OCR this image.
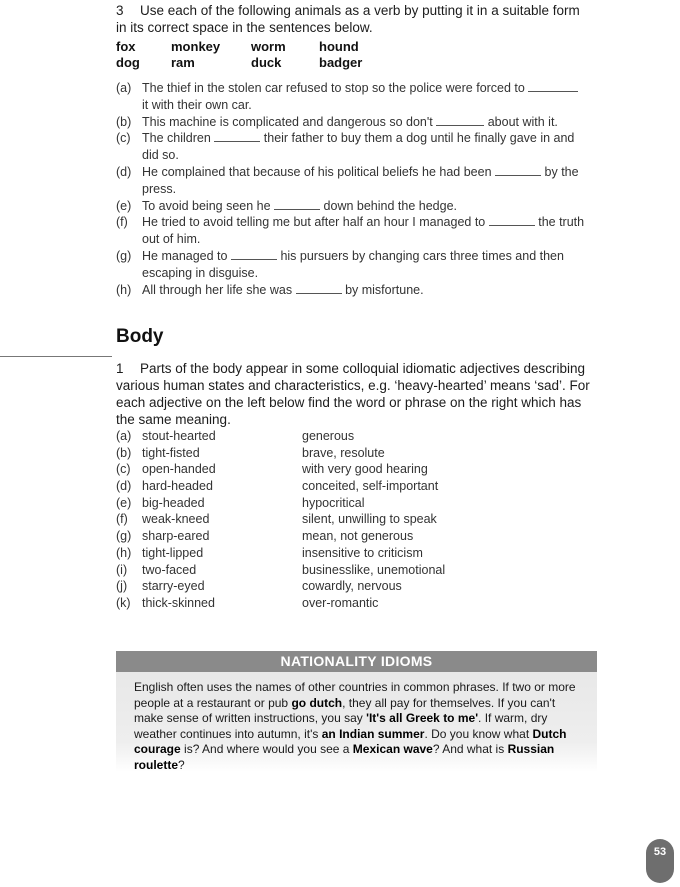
3 Use each of the following animals as a verb by putting it in a suitable form in its correct space in the sentences below.
fox	monkey	worm	hound
dog	ram	duck	badger
(a) The thief in the stolen car refused to stop so the police were forced to
it with their own car.
(b) This machine is complicated and dangerous so don't	about with it.
(c) The children	their father to buy them a dog until he finally gave in and did so.
(d) He complained that because of his political beliefs he had been	by the press.
(e) To avoid being seen he	down behind the hedge.
(f)	He tried to avoid telling me but after half an hour I managed to	the truth out of him.
(g) He managed to	his pursuers by changing cars three times and then escaping in disguise.
(h) All through her life she was	by misfortune.
Body
1 Parts of the body appear in some colloquial idiomatic adjectives describing various human states and characteristics, e.g. ‘heavy-hearted’ means ‘sad’. For each adjective on the left below find the word or phrase on the right which has the same meaning.
(a) stout-hearted	generous
(b) tight-fisted	brave, resolute
(c) open-handed	with very good hearing
(d) hard-headed	conceited, self-important
(e) big-headed	hypocritical
(f)	weak-kneed	silent, unwilling to speak
(g) sharp-eared	mean, not generous
(h) tight-lipped	insensitive to criticism
(i)	two-faced	businesslike, unemotional
(j)	starry-eyed	cowardly, nervous
(k) thick-skinned	over-romantic
NATIONALITY IDIOMS
English often uses the names of other countries in common phrases. If two or more people at a restaurant or pub go dutch, they all pay for themselves. If you can't make sense of written instructions, you say 'It's all Greek to me'. If warm, dry weather continues into autumn, it's an Indian summer. Do you know what Dutch courage is? And where would you see a Mexican wave? And what is Russian roulette?
53
